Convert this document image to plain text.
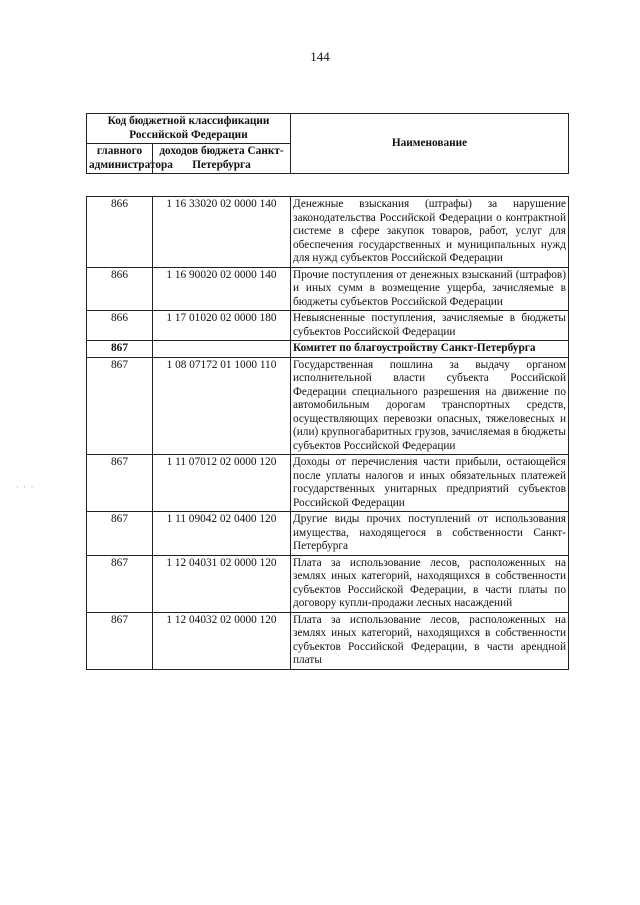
144
· · ·
Код бюджетной классификации Российской Федерации		Наименование
главного администратора	доходов бюджета Санкт-Петербурга	
866	1 16 33020 02 0000 140	Денежные взыскания (штрафы) за нарушение законодательства Российской Федерации о контрактной системе в сфере закупок товаров, работ, услуг для обеспечения государственных и муниципальных нужд для нужд субъектов Российской Федерации
866	1 16 90020 02 0000 140	Прочие поступления от денежных взысканий (штрафов) и иных сумм в возмещение ущерба, зачисляемые в бюджеты субъектов Российской Федерации
866	1 17 01020 02 0000 180	Невыясненные поступления, зачисляемые в бюджеты субъектов Российской Федерации
867		Комитет по благоустройству Санкт-Петербурга
867	1 08 07172 01 1000 110	Государственная пошлина за выдачу органом исполнительной власти субъекта Российской Федерации специального разрешения на движение по автомобильным дорогам транспортных средств, осуществляющих перевозки опасных, тяжеловесных и (или) крупногабаритных грузов, зачисляемая в бюджеты субъектов Российской Федерации
867	1 11 07012 02 0000 120	Доходы от перечисления части прибыли, остающейся после уплаты налогов и иных обязательных платежей государственных унитарных предприятий субъектов Российской Федерации
867	1 11 09042 02 0400 120	Другие виды прочих поступлений от использования имущества, находящегося в собственности Санкт-Петербурга
867	1 12 04031 02 0000 120	Плата за использование лесов, расположенных на землях иных категорий, находящихся в собственности субъектов Российской Федерации, в части платы по договору купли-продажи лесных насаждений
867	1 12 04032 02 0000 120	Плата за использование лесов, расположенных на землях иных категорий, находящихся в собственности субъектов Российской Федерации, в части арендной платы
